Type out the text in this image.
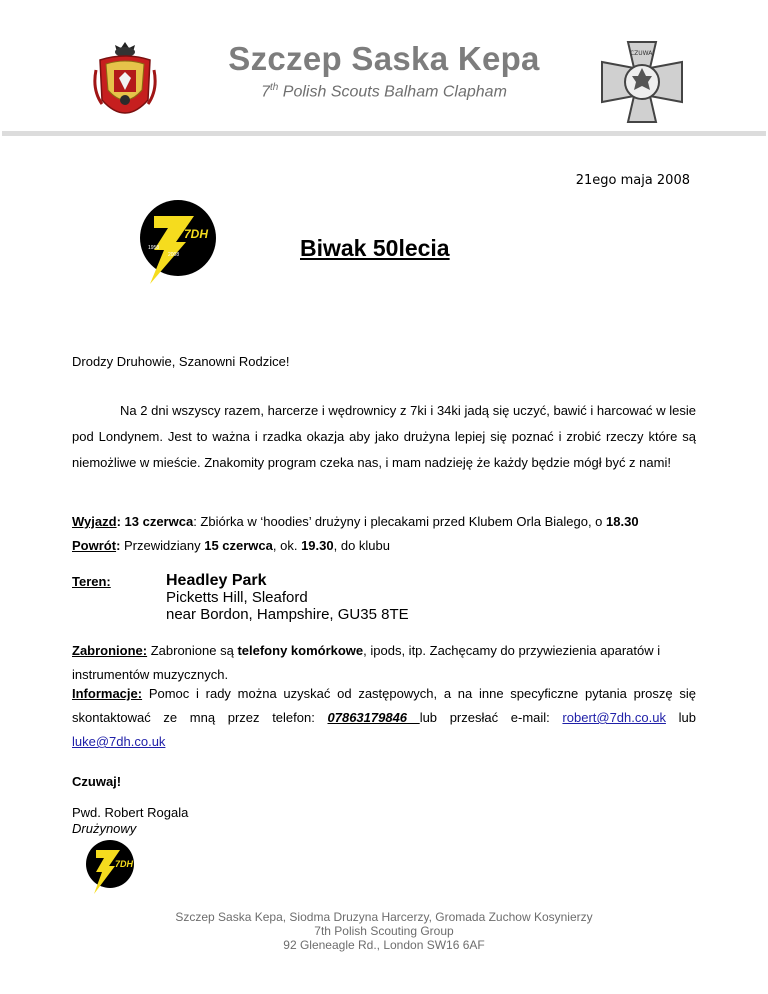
Szczep Saska Kepa
7th Polish Scouts Balham Clapham
CZUWAJ
21ego maja 2008
7DH
1958
2008	Biwak 50lecia
Drodzy Druhowie, Szanowni Rodzice!
Na 2 dni wszyscy razem, harcerze i wędrownicy z 7ki i 34ki jadą się uczyć, bawić i harcować w lesie pod Londynem. Jest to ważna i rzadka okazja aby jako drużyna lepiej się poznać i zrobić rzeczy które są niemożliwe w mieście. Znakomity program czeka nas, i mam nadzieję że każdy będzie mógł być z nami!
Wyjazd: 13 czerwca: Zbiórka w ‘hoodies’ drużyny i plecakami przed Klubem Orla Bialego, o 18.30
Powrót: Przewidziany 15 czerwca, ok. 19.30, do klubu
Teren:	Headley Park
Picketts Hill, Sleaford
near Bordon, Hampshire, GU35 8TE
Zabronione: Zabronione są telefony komórkowe, ipods, itp. Zachęcamy do przywiezienia aparatów i instrumentów muzycznych.
Informacje: Pomoc i rady można uzyskać od zastępowych, a na inne specyficzne pytania proszę się skontaktować ze mną przez telefon: 07863179846 lub przesłać e-mail: robert@7dh.co.uk lub luke@7dh.co.uk
Czuwaj!
Pwd. Robert Rogala
Drużynowy
7DH
Szczep Saska Kepa, Siodma Druzyna Harcerzy, Gromada Zuchow Kosynierzy
7th Polish Scouting Group
92 Gleneagle Rd., London SW16 6AF
